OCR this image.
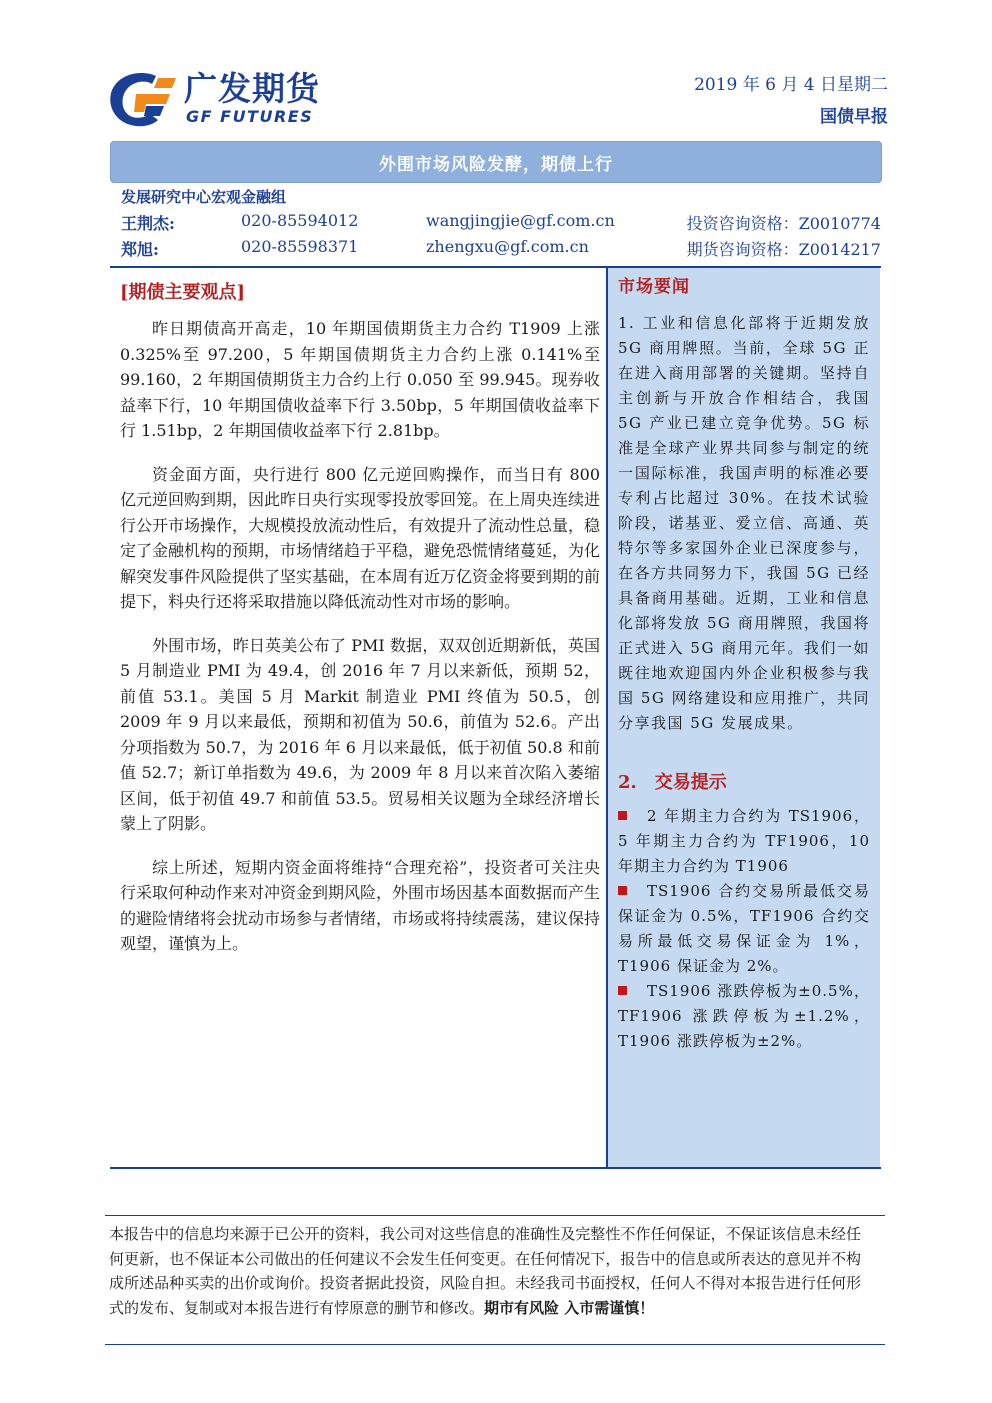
广发期货
GF FUTURES
2019 年 6 月 4 日星期二
国债早报
外围市场风险发酵，期债上行
发展研究中心宏观金融组
王荆杰:	020-85594012	wangjingjie@gf.com.cn	投资咨询资格：Z0010774
郑旭:	020-85598371	zhengxu@gf.com.cn	期货咨询资格：Z0014217
[期债主要观点]

昨日期债高开高走，10 年期国债期货主力合约 T1909 上涨 0.325%至 97.200，5 年期国债期货主力合约上涨 0.141%至 99.160，2 年期国债期货主力合约上行 0.050 至 99.945。现券收益率下行，10 年期国债收益率下行 3.50bp，5 年期国债收益率下行 1.51bp，2 年期国债收益率下行 2.81bp。

资金面方面，央行进行 800 亿元逆回购操作，而当日有 800 亿元逆回购到期，因此昨日央行实现零投放零回笼。在上周央连续进行公开市场操作，大规模投放流动性后，有效提升了流动性总量，稳定了金融机构的预期，市场情绪趋于平稳，避免恐慌情绪蔓延，为化解突发事件风险提供了坚实基础，在本周有近万亿资金将要到期的前提下，料央行还将采取措施以降低流动性对市场的影响。

外围市场，昨日英美公布了 PMI 数据，双双创近期新低，英国 5 月制造业 PMI 为 49.4，创 2016 年 7 月以来新低，预期 52，前值 53.1。美国 5 月 Markit 制造业 PMI 终值为 50.5，创 2009 年 9 月以来最低，预期和初值为 50.6，前值为 52.6。产出分项指数为 50.7，为 2016 年 6 月以来最低，低于初值 50.8 和前值 52.7；新订单指数为 49.6，为 2009 年 8 月以来首次陷入萎缩区间，低于初值 49.7 和前值 53.5。贸易相关议题为全球经济增长蒙上了阴影。

综上所述，短期内资金面将维持“合理充裕”，投资者可关注央行采取何种动作来对冲资金到期风险，外围市场因基本面数据而产生的避险情绪将会扰动市场参与者情绪，市场或将持续震荡，建议保持观望，谨慎为上。

市场要闻

1. 工业和信息化部将于近期发放 5G 商用牌照。当前，全球 5G 正在进入商用部署的关键期。坚持自主创新与开放合作相结合，我国 5G 产业已建立竞争优势。5G 标准是全球产业界共同参与制定的统一国际标准，我国声明的标准必要专利占比超过 30%。在技术试验阶段，诺基亚、爱立信、高通、英特尔等多家国外企业已深度参与，在各方共同努力下，我国 5G 已经具备商用基础。近期，工业和信息化部将发放 5G 商用牌照，我国将正式进入 5G 商用元年。我们一如既往地欢迎国内外企业积极参与我国 5G 网络建设和应用推广，共同分享我国 5G 发展成果。

2.　交易提示

2 年期主力合约为 TS1906，5 年期主力合约为 TF1906，10 年期主力合约为 T1906

TS1906 合约交易所最低交易保证金为 0.5%，TF1906 合约交易所最低交易保证金为 1%，T1906 保证金为 2%。

TS1906 涨跌停板为±0.5%，TF1906 涨跌停板为±1.2%，T1906 涨跌停板为±2%。

本报告中的信息均来源于已公开的资料，我公司对这些信息的准确性及完整性不作任何保证，不保证该信息未经任何更新，也不保证本公司做出的任何建议不会发生任何变更。在任何情况下，报告中的信息或所表达的意见并不构成所述品种买卖的出价或询价。投资者据此投资，风险自担。未经我司书面授权，任何人不得对本报告进行任何形式的发布、复制或对本报告进行有悖原意的删节和修改。期市有风险 入市需谨慎！
